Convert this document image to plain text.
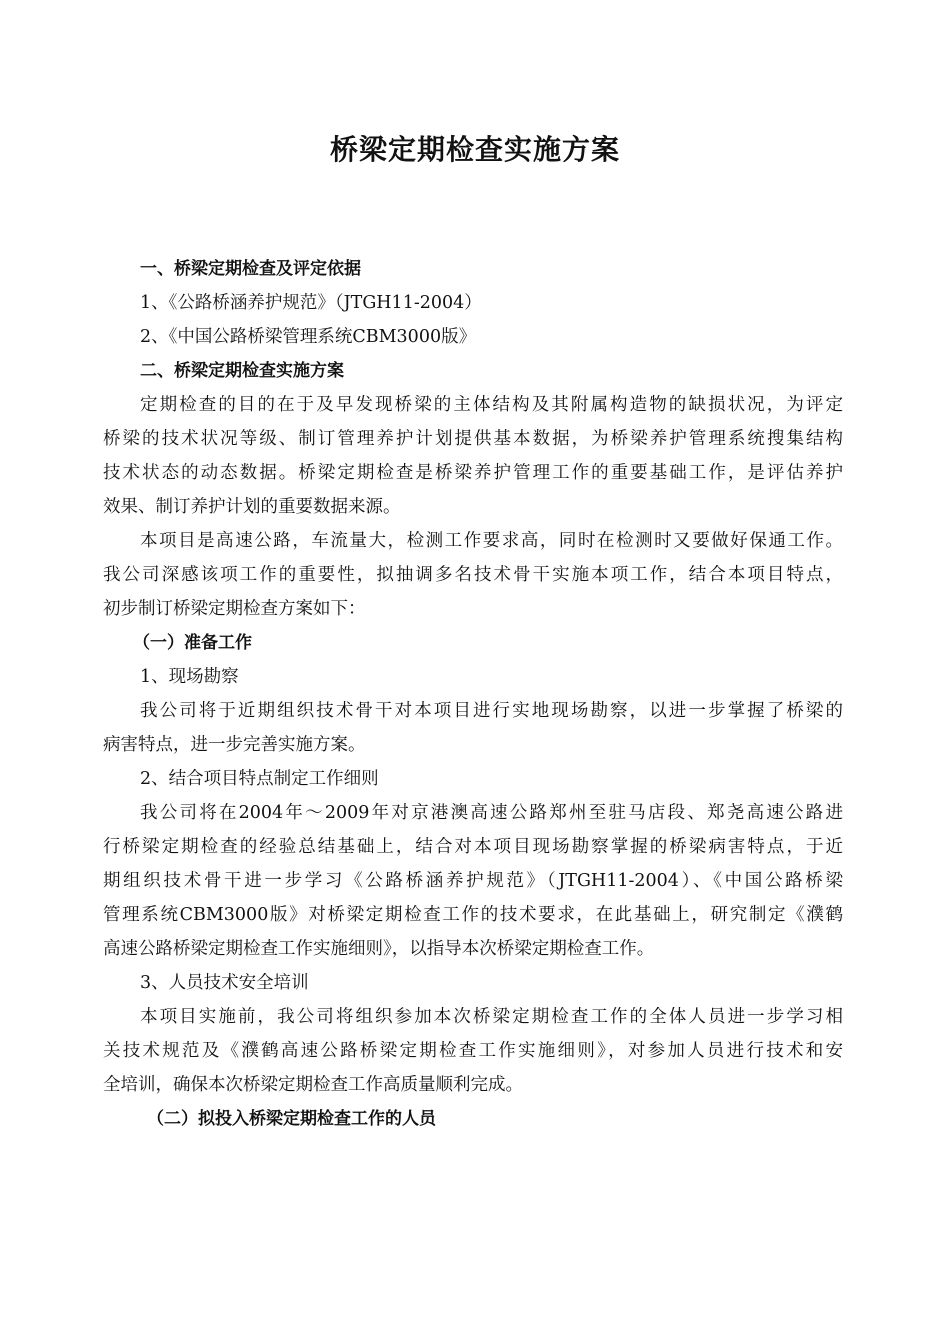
桥梁定期检查实施方案
一、桥梁定期检查及评定依据
1、《公路桥涵养护规范》（JTGH11-2004）
2、《中国公路桥梁管理系统CBM3000版》
二、桥梁定期检查实施方案
定期检查的目的在于及早发现桥梁的主体结构及其附属构造物的缺损状况，为评定
桥梁的技术状况等级、制订管理养护计划提供基本数据，为桥梁养护管理系统搜集结构
技术状态的动态数据。桥梁定期检查是桥梁养护管理工作的重要基础工作，是评估养护
效果、制订养护计划的重要数据来源。
本项目是高速公路，车流量大，检测工作要求高，同时在检测时又要做好保通工作。
我公司深感该项工作的重要性，拟抽调多名技术骨干实施本项工作，结合本项目特点，
初步制订桥梁定期检查方案如下：
（一）准备工作
1、现场勘察
我公司将于近期组织技术骨干对本项目进行实地现场勘察，以进一步掌握了桥梁的
病害特点，进一步完善实施方案。
2、结合项目特点制定工作细则
我公司将在2004年～2009年对京港澳高速公路郑州至驻马店段、郑尧高速公路进
行桥梁定期检查的经验总结基础上，结合对本项目现场勘察掌握的桥梁病害特点，于近
期组织技术骨干进一步学习《公路桥涵养护规范》（JTGH11-2004）、《中国公路桥梁
管理系统CBM3000版》对桥梁定期检查工作的技术要求，在此基础上，研究制定《濮鹤
高速公路桥梁定期检查工作实施细则》，以指导本次桥梁定期检查工作。
3、人员技术安全培训
本项目实施前，我公司将组织参加本次桥梁定期检查工作的全体人员进一步学习相
关技术规范及《濮鹤高速公路桥梁定期检查工作实施细则》，对参加人员进行技术和安
全培训，确保本次桥梁定期检查工作高质量顺利完成。
（二）拟投入桥梁定期检查工作的人员
